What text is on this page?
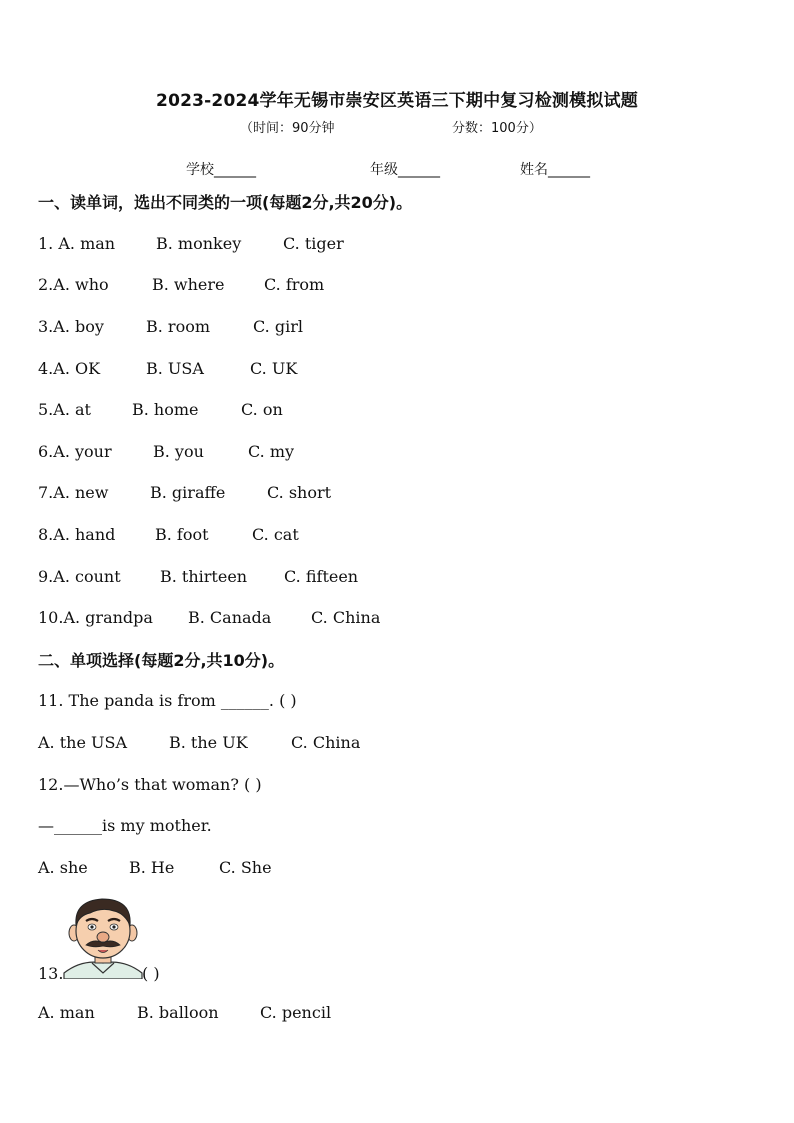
2023-2024学年无锡市崇安区英语三下期中复习检测模拟试题
（时间：90分钟	分数：100分）
学校______	年级______	姓名______
一、读单词，选出不同类的一项(每题2分,共20分)。
1. A. man	B. monkey	C. tiger
2.A. who	B. where C. from
3.A. boy	B. room	C. girl
4.A. OK	B. USA	C. UK
5.A. at	B. home	C. on
6.A. your	B. you	C. my
7.A. new	B. giraffe	C. short
8.A. hand B. foot	C. cat
9.A. count B. thirteen C. fifteen
10.A. grandpa B. Canada C. China
二、单项选择(每题2分,共10分)。
11. The panda is from ______. ( )
A. the USA	B. the UK	C. China
12.—Who’s that woman? ( )
—______is my mother.
A. she	B. He	C. She
13.	( )
A. man	B. balloon	C. pencil
